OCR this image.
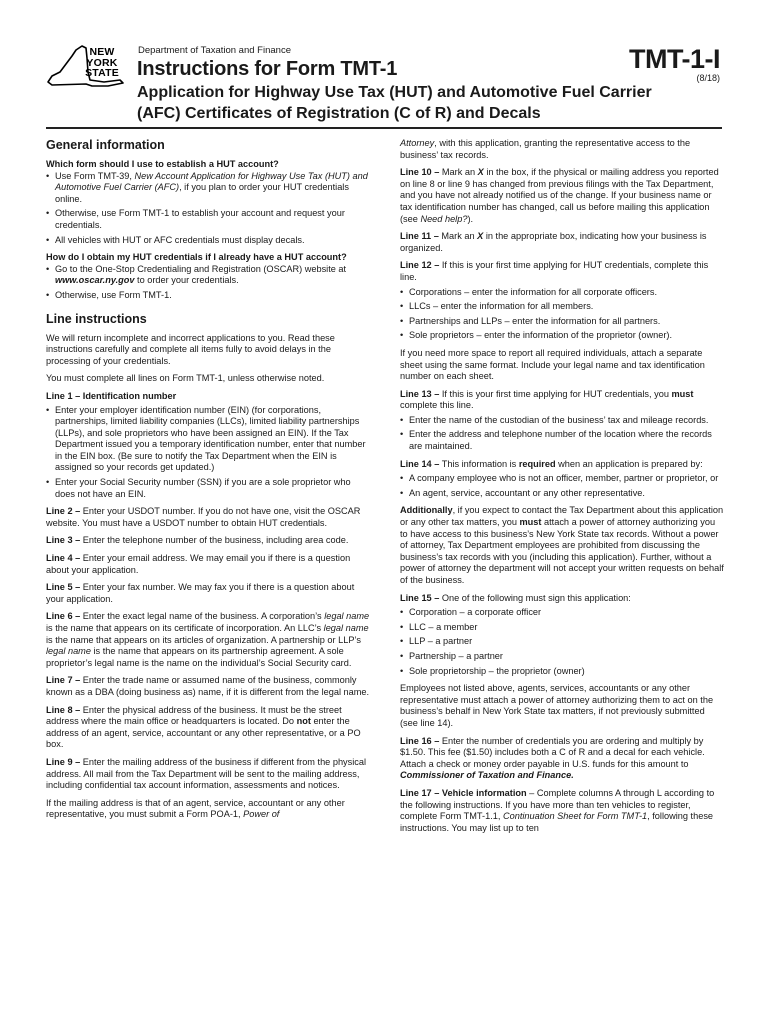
NEW
YORK
STATE
Department of Taxation and Finance
Instructions for Form TMT-1	TMT-1-I
(8/18)
Application for Highway Use Tax (HUT) and Automotive Fuel Carrier (AFC) Certificates of Registration (C of R) and Decals
General information

Which form should I use to establish a HUT account?

• Use Form TMT-39, New Account Application for Highway Use Tax (HUT) and Automotive Fuel Carrier (AFC), if you plan to order your HUT credentials online.
• Otherwise, use Form TMT-1 to establish your account and request your credentials.
• All vehicles with HUT or AFC credentials must display decals.

How do I obtain my HUT credentials if I already have a HUT account?

• Go to the One-Stop Credentialing and Registration (OSCAR) website at www.oscar.ny.gov to order your credentials.
• Otherwise, use Form TMT-1.
Line instructions

We will return incomplete and incorrect applications to you. Read these instructions carefully and complete all items fully to avoid delays in the processing of your credentials.

You must complete all lines on Form TMT-1, unless otherwise noted.

Line 1 – Identification number

• Enter your employer identification number (EIN) (for corporations, partnerships, limited liability companies (LLCs), limited liability partnerships (LLPs), and sole proprietors who have been assigned an EIN). If the Tax Department issued you a temporary identification number, enter that number in the EIN box. (Be sure to notify the Tax Department when the EIN is assigned so your records get updated.)
• Enter your Social Security number (SSN) if you are a sole proprietor who does not have an EIN.

Line 2 – Enter your USDOT number. If you do not have one, visit the OSCAR website. You must have a USDOT number to obtain HUT credentials.

Line 3 – Enter the telephone number of the business, including area code.

Line 4 – Enter your email address. We may email you if there is a question about your application.

Line 5 – Enter your fax number. We may fax you if there is a question about your application.

Line 6 – Enter the exact legal name of the business. A corporation’s legal name is the name that appears on its certificate of incorporation. An LLC’s legal name is the name that appears on its articles of organization. A partnership or LLP’s legal name is the name that appears on its partnership agreement. A sole proprietor’s legal name is the name on the individual’s Social Security card.

Line 7 – Enter the trade name or assumed name of the business, commonly known as a DBA (doing business as) name, if it is different from the legal name.

Line 8 – Enter the physical address of the business. It must be the street address where the main office or headquarters is located. Do not enter the address of an agent, service, accountant or any other representative, or a PO box.

Line 9 – Enter the mailing address of the business if different from the physical address. All mail from the Tax Department will be sent to the mailing address, including confidential tax account information, assessments and notices.

If the mailing address is that of an agent, service, accountant or any other representative, you must submit a Form POA-1, Power of

Attorney, with this application, granting the representative access to the business’ tax records.

Line 10 – Mark an X in the box, if the physical or mailing address you reported on line 8 or line 9 has changed from previous filings with the Tax Department, and you have not already notified us of the change. If your business name or tax identification number has changed, call us before mailing this application (see Need help?).

Line 11 – Mark an X in the appropriate box, indicating how your business is organized.

Line 12 – If this is your first time applying for HUT credentials, complete this line.

• Corporations – enter the information for all corporate officers.
• LLCs – enter the information for all members.
• Partnerships and LLPs – enter the information for all partners.
• Sole proprietors – enter the information of the proprietor (owner).

If you need more space to report all required individuals, attach a separate sheet using the same format. Include your legal name and tax identification number on each sheet.

Line 13 – If this is your first time applying for HUT credentials, you must complete this line.

• Enter the name of the custodian of the business’ tax and mileage records.
• Enter the address and telephone number of the location where the records are maintained.

Line 14 – This information is required when an application is prepared by:

• A company employee who is not an officer, member, partner or proprietor, or
• An agent, service, accountant or any other representative.

Additionally, if you expect to contact the Tax Department about this application or any other tax matters, you must attach a power of attorney authorizing you to have access to this business’s New York State tax records. Without a power of attorney, Tax Department employees are prohibited from discussing the business’s tax records with you (including this application). Further, without a power of attorney the department will not accept your written requests on behalf of the business.

Line 15 – One of the following must sign this application:

• Corporation – a corporate officer
• LLC – a member
• LLP – a partner
• Partnership – a partner
• Sole proprietorship – the proprietor (owner)

Employees not listed above, agents, services, accountants or any other representative must attach a power of attorney authorizing them to act on the business’s behalf in New York State tax matters, if not previously submitted (see line 14).

Line 16 – Enter the number of credentials you are ordering and multiply by $1.50. This fee ($1.50) includes both a C of R and a decal for each vehicle. Attach a check or money order payable in U.S. funds for this amount to Commissioner of Taxation and Finance.

Line 17 – Vehicle information – Complete columns A through L according to the following instructions. If you have more than ten vehicles to register, complete Form TMT-1.1, Continuation Sheet for Form TMT-1, following these instructions. You may list up to ten
